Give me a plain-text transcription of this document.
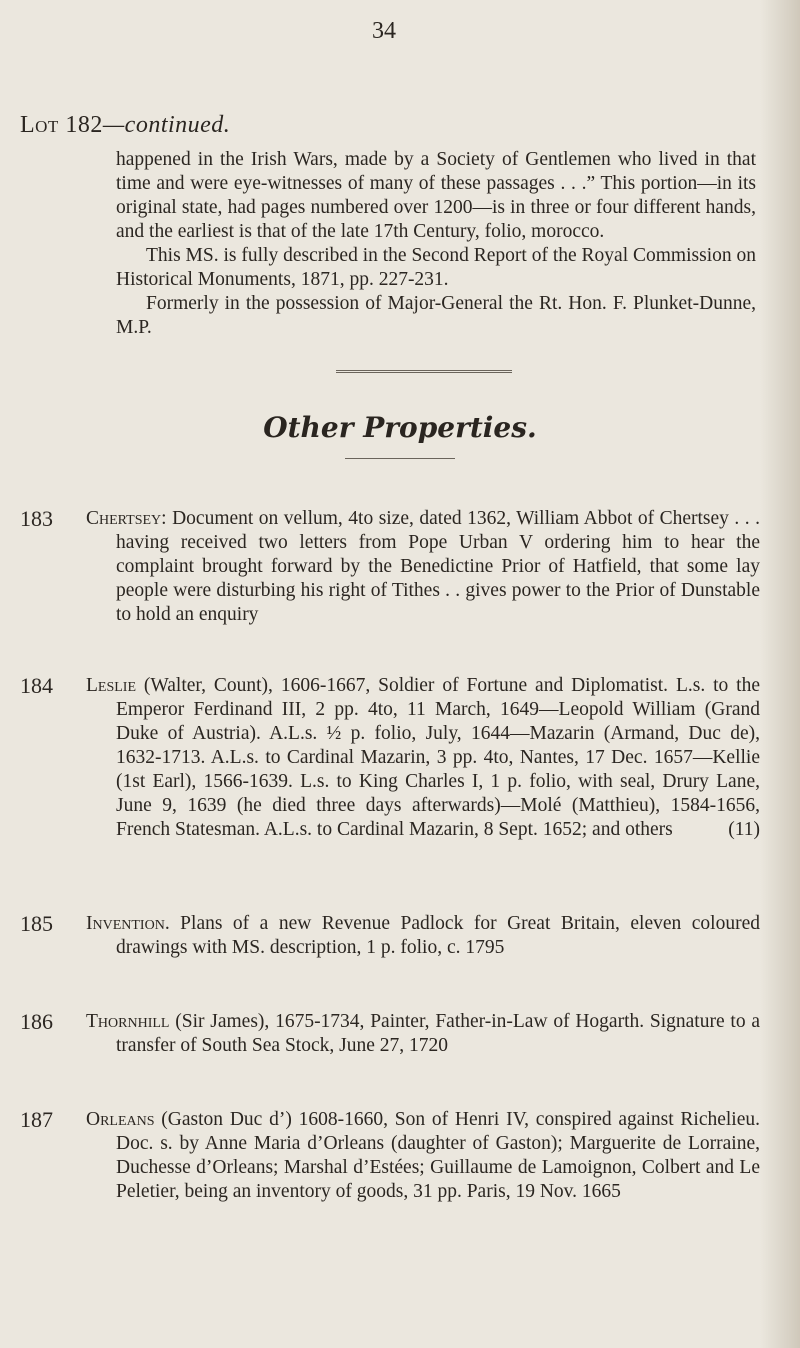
34
Lot 182—continued.

happened in the Irish Wars, made by a Society of Gentlemen who lived in that time and were eye-witnesses of many of these passages . . .” This portion—in its original state, had pages numbered over 1200—is in three or four different hands, and the earliest is that of the late 17th Century, folio, morocco.

This MS. is fully described in the Second Report of the Royal Commission on Historical Monuments, 1871, pp. 227-231.

Formerly in the possession of Major-General the Rt. Hon. F. Plunket-Dunne, M.P.

Other Properties.
183 Chertsey: Document on vellum, 4to size, dated 1362, William Abbot of Chertsey . . . having received two letters from Pope Urban V ordering him to hear the complaint brought forward by the Benedictine Prior of Hatfield, that some lay people were disturbing his right of Tithes . . gives power to the Prior of Dunstable to hold an enquiry
184 Leslie (Walter, Count), 1606-1667, Soldier of Fortune and Diplomatist. L.s. to the Emperor Ferdinand III, 2 pp. 4to, 11 March, 1649—Leopold William (Grand Duke of Austria). A.L.s. ½ p. folio, July, 1644—Mazarin (Armand, Duc de), 1632-1713. A.L.s. to Cardinal Mazarin, 3 pp. 4to, Nantes, 17 Dec. 1657—Kellie (1st Earl), 1566-1639. L.s. to King Charles I, 1 p. folio, with seal, Drury Lane, June 9, 1639 (he died three days afterwards)—Molé (Matthieu), 1584-1656, French Statesman. A.L.s. to Cardinal Mazarin, 8 Sept. 1652; and others	(11)
185 Invention. Plans of a new Revenue Padlock for Great Britain, eleven coloured drawings with MS. description, 1 p. folio, c. 1795
186 Thornhill (Sir James), 1675-1734, Painter, Father-in-Law of Hogarth. Signature to a transfer of South Sea Stock, June 27, 1720
187 Orleans (Gaston Duc d’) 1608-1660, Son of Henri IV, conspired against Richelieu. Doc. s. by Anne Maria d’Orleans (daughter of Gaston); Marguerite de Lorraine, Duchesse d’Orleans; Marshal d’Estées; Guillaume de Lamoignon, Colbert and Le Peletier, being an inventory of goods, 31 pp. Paris, 19 Nov. 1665
